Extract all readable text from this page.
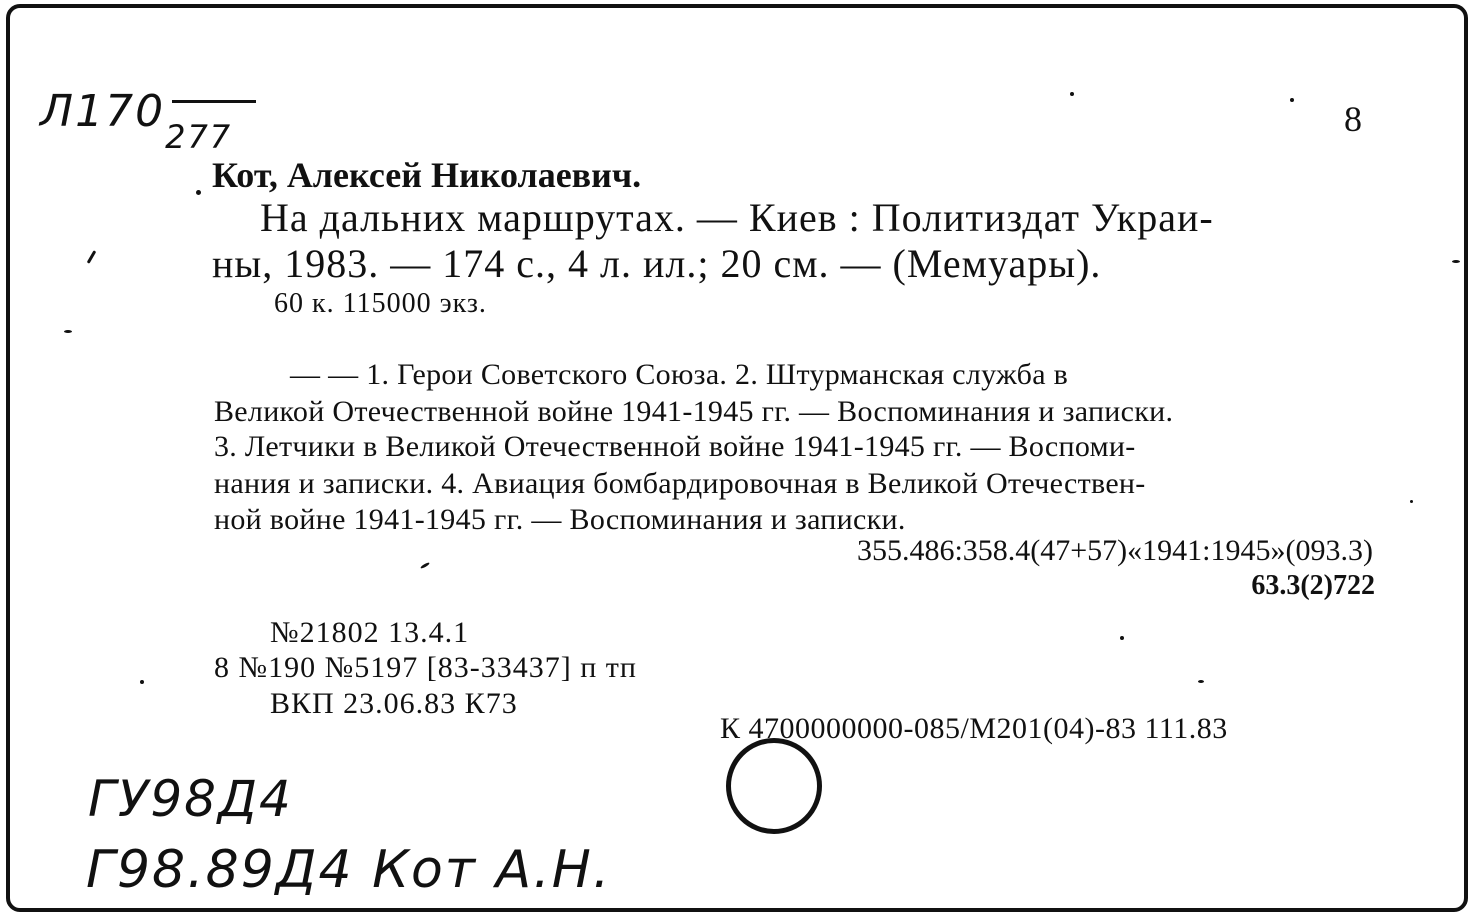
$Л170_{277}$	8
Кот, Алексей Николаевич.
На дальних маршрутах. — Киев : Политиздат Украи-
ны, 1983. — 174 с., 4 л. ил.; 20 см. — (Мемуары).
60 к. 115000 экз.
— — 1. Герои Советского Союза. 2. Штурманская служба в
Великой Отечественной войне 1941-1945 гг. — Воспоминания и записки.
3. Летчики в Великой Отечественной войне 1941-1945 гг. — Воспоми-
нания и записки. 4. Авиация бомбардировочная в Великой Отечествен-
ной войне 1941-1945 гг. — Воспоминания и записки.
355.486:358.4(47+57)«1941:1945»(093.3)
63.3(2)722
№21802 13.4.1
8 №190 №5197 [83-33437] п тп
ВКП 23.06.83 К73
К 4700000000-085/М201(04)-83 111.83
ГУ98Д4
Г98.89Д4 Кот А.Н.
